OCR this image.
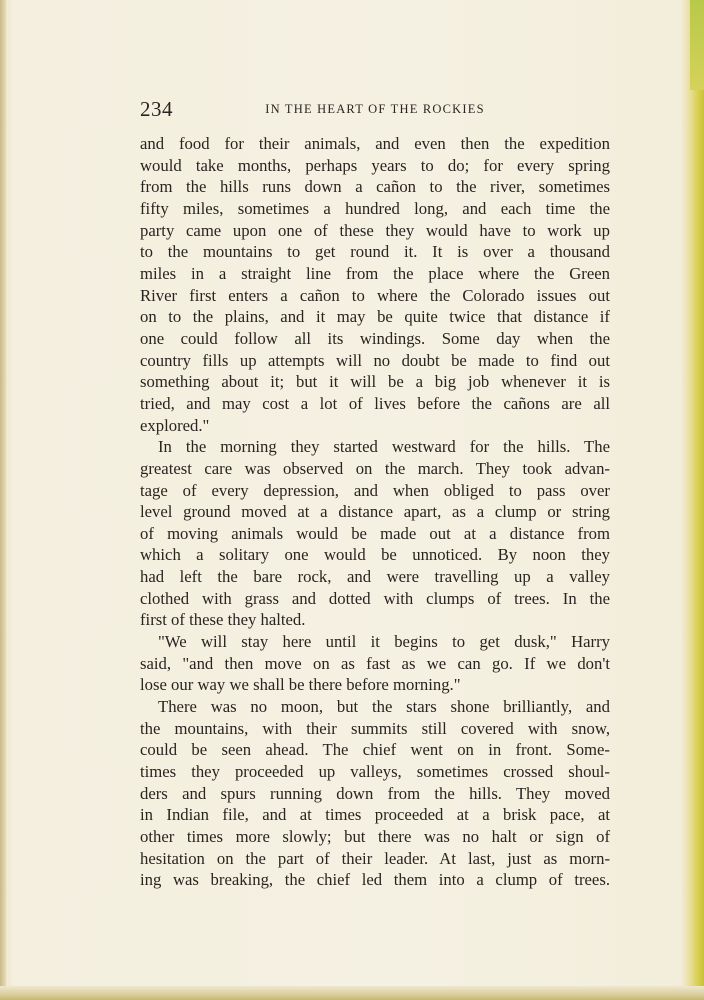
234	IN THE HEART OF THE ROCKIES

and food for their animals, and even then the expedition

would take months, perhaps years to do; for every spring

from the hills runs down a cañon to the river, sometimes

fifty miles, sometimes a hundred long, and each time the

party came upon one of these they would have to work up

to the mountains to get round it. It is over a thousand

miles in a straight line from the place where the Green

River first enters a cañon to where the Colorado issues out

on to the plains, and it may be quite twice that distance if

one could follow all its windings. Some day when the

country fills up attempts will no doubt be made to find out

something about it; but it will be a big job whenever it is

tried, and may cost a lot of lives before the cañons are all

explored."

In the morning they started westward for the hills. The

greatest care was observed on the march. They took advan-

tage of every depression, and when obliged to pass over

level ground moved at a distance apart, as a clump or string

of moving animals would be made out at a distance from

which a solitary one would be unnoticed. By noon they

had left the bare rock, and were travelling up a valley

clothed with grass and dotted with clumps of trees. In the

first of these they halted.

"We will stay here until it begins to get dusk," Harry

said, "and then move on as fast as we can go. If we don't

lose our way we shall be there before morning."

There was no moon, but the stars shone brilliantly, and

the mountains, with their summits still covered with snow,

could be seen ahead. The chief went on in front. Some-

times they proceeded up valleys, sometimes crossed shoul-

ders and spurs running down from the hills. They moved

in Indian file, and at times proceeded at a brisk pace, at

other times more slowly; but there was no halt or sign of

hesitation on the part of their leader. At last, just as morn-

ing was breaking, the chief led them into a clump of trees.
